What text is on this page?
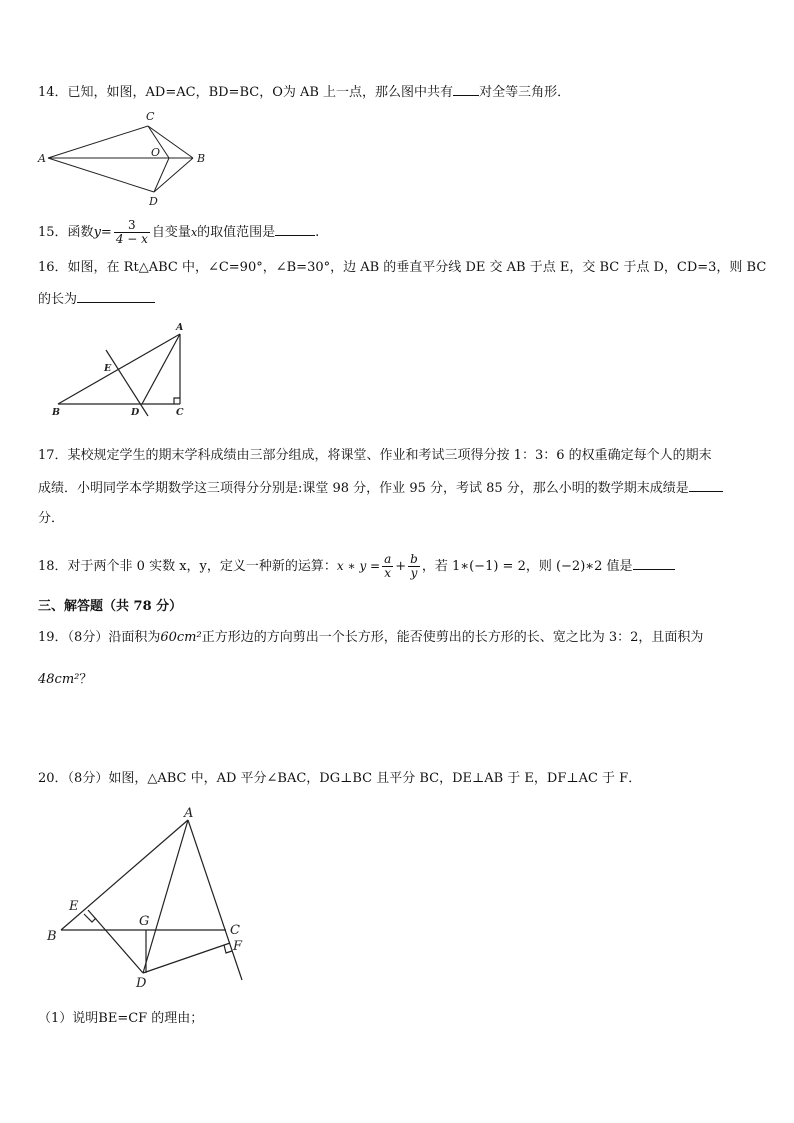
14．已知，如图，AD=AC，BD=BC，O为 AB 上一点，那么图中共有 对全等三角形．
A	B
C
D
O
15．函数$y= \frac{3}{4 - x}$ 自变量x的取值范围是	.
16．如图，在 Rt△ABC 中，∠C=90°，∠B=30°，边 AB 的垂直平分线 DE 交 AB 于点 E，交 BC 于点 D，CD=3，则 BC
的长为
A
B	C
D
E
17．某校规定学生的期末学科成绩由三部分组成，将课堂、作业和考试三项得分按 1：3：6 的权重确定每个人的期末
成绩．小明同学本学期数学这三项得分分别是:课堂 98 分，作业 95 分，考试 85 分，那么小明的数学期末成绩是
分．
18．对于两个非 0 实数 x，y，定义一种新的运算：x ∗ $y = \frac{a}{x} + \frac{b}{y}$ ，若 1∗(−1) = 2，则 (−2)∗2 值是
三、解答题（共 78 分）
19．（8分）沿面积为60cm²正方形边的方向剪出一个长方形，能否使剪出的长方形的长、宽之比为 3：2，且面积为
48cm²？
20．（8分）如图，△ABC 中，AD 平分∠BAC，DG⊥BC 且平分 BC，DE⊥AB 于 E，DF⊥AC 于 F．
A
B	C
D
E
F
G
（1）说明BE=CF 的理由；
